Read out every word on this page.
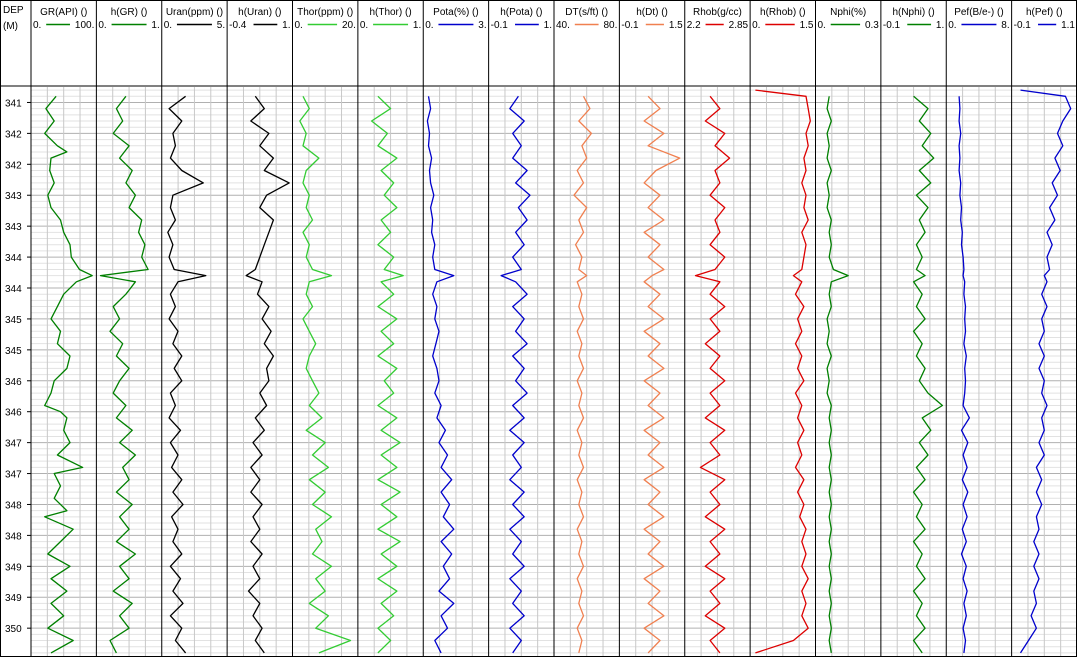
DEP
(M)
GR(API) ()
0.	100.
h(GR) ()
0.	1.
Uran(ppm) ()
0.	5.
h(Uran) ()
-0.4	1.
Thor(ppm) ()
0.	20.
h(Thor) ()
0.	1.
Pota(%) ()
0.	3.
h(Pota) ()
-0.1	1.
DT(s/ft) ()
40.	80.
h(Dt) ()
-0.1	1.5
Rhob(g/cc)
2.2	2.85
h(Rhob) ()
0.	1.5
Nphi(%)
0.	0.3
h(Nphi) ()
-0.1	1.
Pef(B/e-) ()
0.	8.
h(Pef) ()
-0.1	1.1
341
342
342
343
343
344
344
345
345
346
346
347
347
348
348
349
349
350
